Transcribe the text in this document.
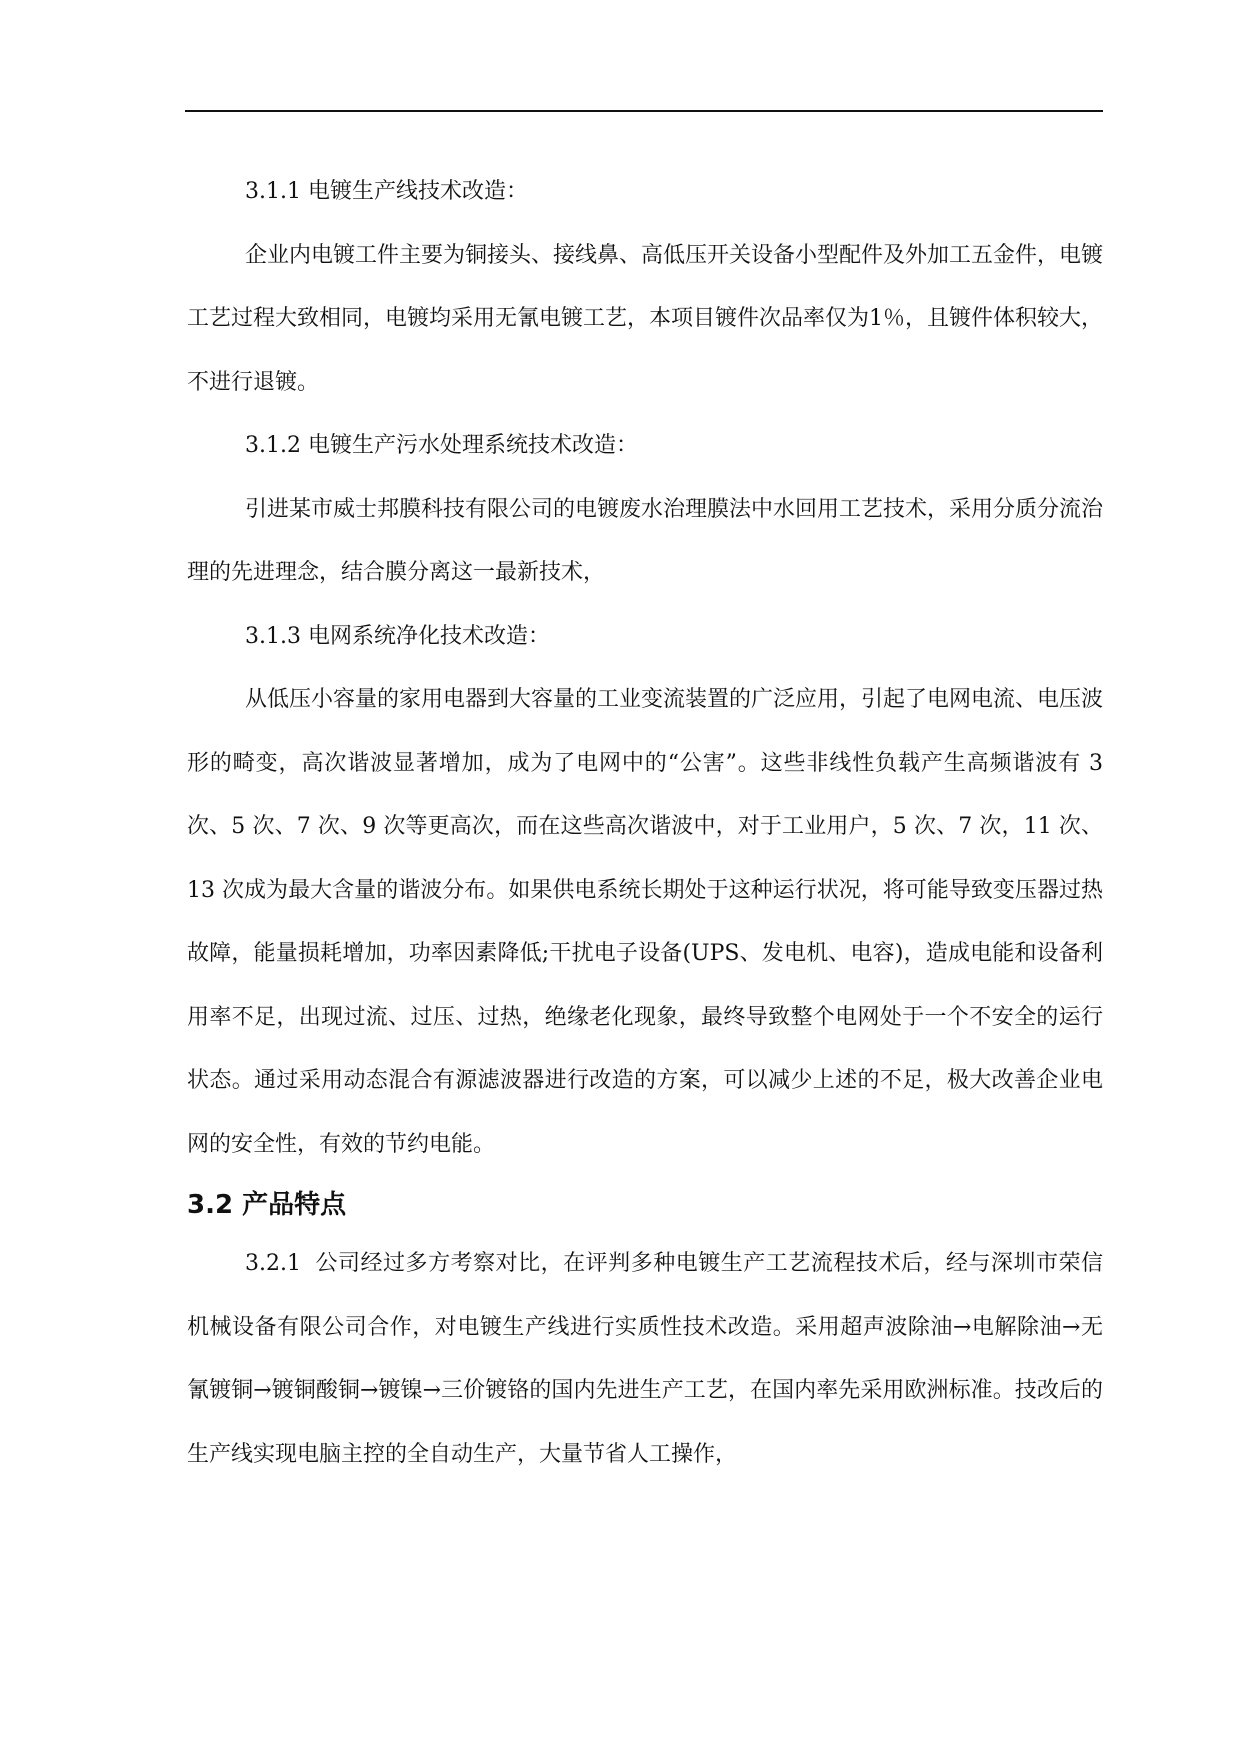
3.1.1 电镀生产线技术改造：

企业内电镀工件主要为铜接头、接线鼻、高低压开关设备小型配件及外加工五金件，电镀工艺过程大致相同，电镀均采用无氰电镀工艺，本项目镀件次品率仅为1％，且镀件体积较大，不进行退镀。

3.1.2 电镀生产污水处理系统技术改造：

引进某市威士邦膜科技有限公司的电镀废水治理膜法中水回用工艺技术，采用分质分流治理的先进理念，结合膜分离这一最新技术，

3.1.3 电网系统净化技术改造：

从低压小容量的家用电器到大容量的工业变流装置的广泛应用，引起了电网电流、电压波形的畸变，高次谐波显著增加，成为了电网中的“公害”。这些非线性负载产生高频谐波有 3 次、5 次、7 次、9 次等更高次，而在这些高次谐波中，对于工业用户，5 次、7 次，11 次、13 次成为最大含量的谐波分布。如果供电系统长期处于这种运行状况，将可能导致变压器过热故障，能量损耗增加，功率因素降低;干扰电子设备(UPS、发电机、电容)，造成电能和设备利用率不足，出现过流、过压、过热，绝缘老化现象，最终导致整个电网处于一个不安全的运行状态。通过采用动态混合有源滤波器进行改造的方案，可以减少上述的不足，极大改善企业电网的安全性，有效的节约电能。

3.2 产品特点

3.2.1 公司经过多方考察对比，在评判多种电镀生产工艺流程技术后，经与深圳市荣信机械设备有限公司合作，对电镀生产线进行实质性技术改造。采用超声波除油→电解除油→无氰镀铜→镀铜酸铜→镀镍→三价镀铬的国内先进生产工艺，在国内率先采用欧洲标准。技改后的生产线实现电脑主控的全自动生产，大量节省人工操作，
